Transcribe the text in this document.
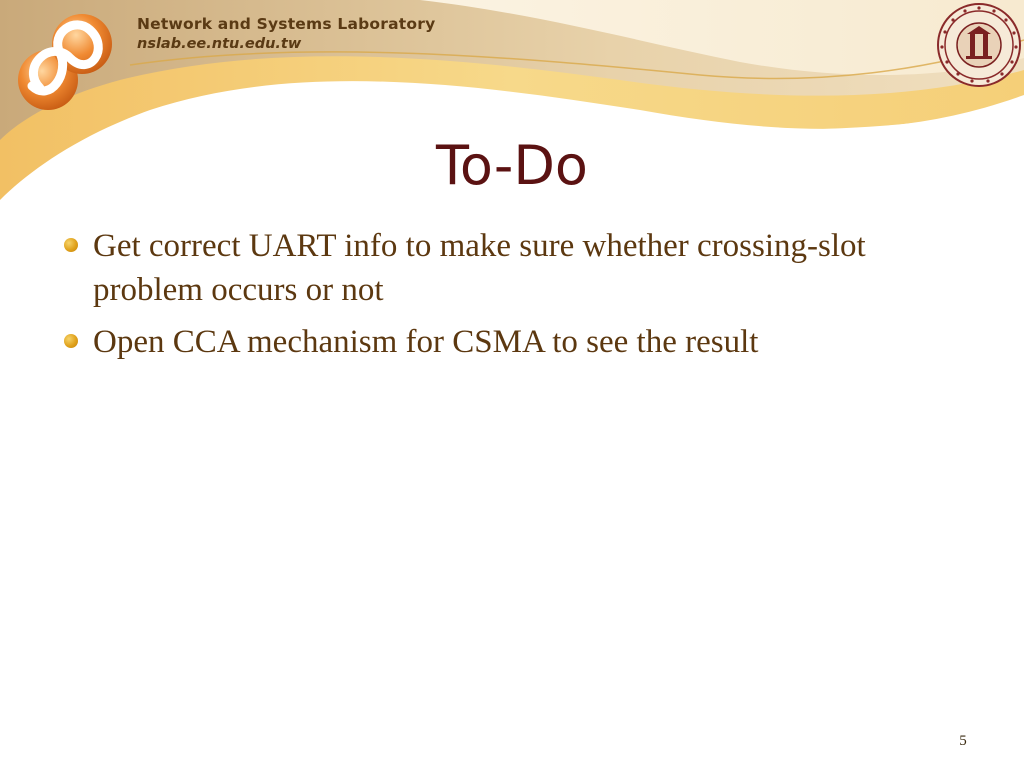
Network and Systems Laboratory
nslab.ee.ntu.edu.tw
To-Do
Get correct UART info to make sure whether crossing-slot problem occurs or not
Open CCA mechanism for CSMA to see the result
5
